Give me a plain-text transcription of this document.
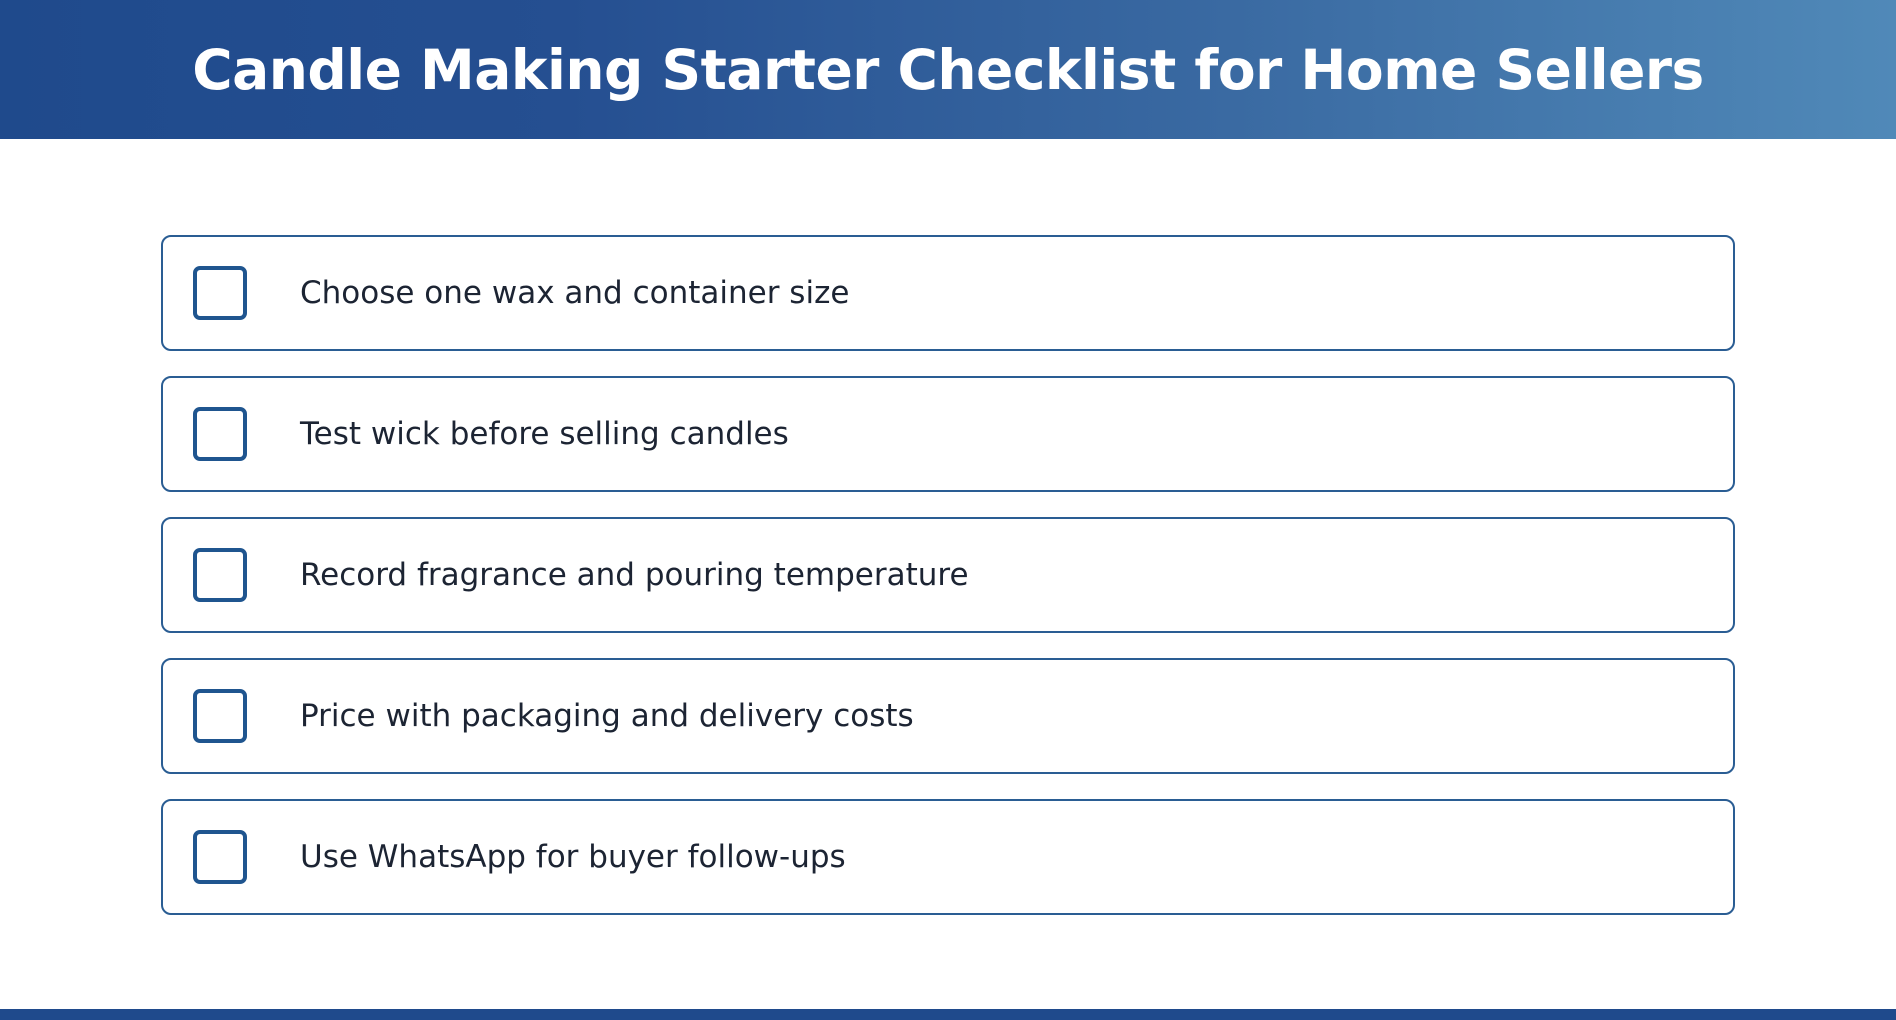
Candle Making Starter Checklist for Home Sellers
Choose one wax and container size
Test wick before selling candles
Record fragrance and pouring temperature
Price with packaging and delivery costs
Use WhatsApp for buyer follow-ups
